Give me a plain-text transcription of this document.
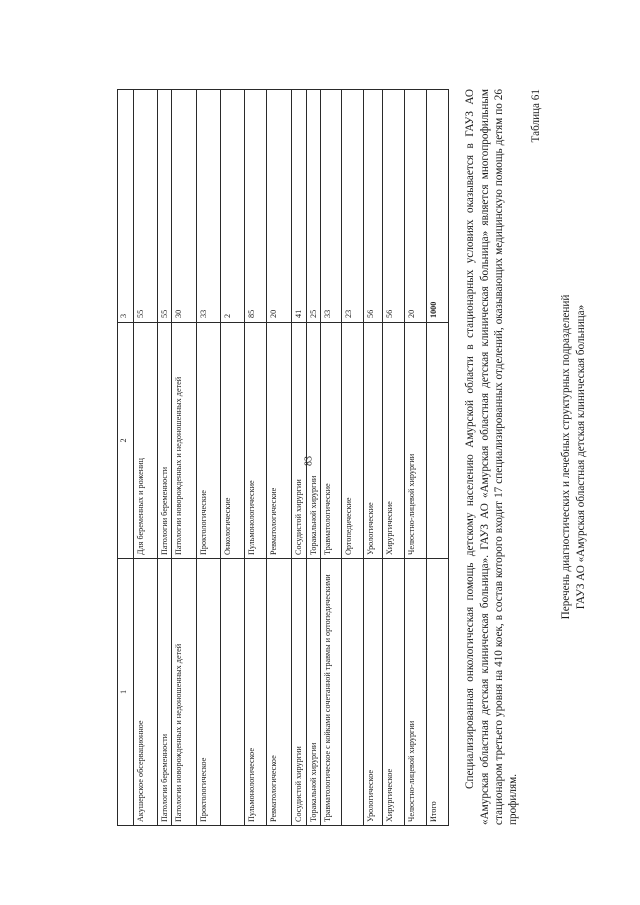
83
1	2	3
Акушерское обсервационное	Для беременных и рожениц	55
Патологии беременности	Патологии беременности	55
Патологии новорожденных и недоношенных детей	Патологии новорожденных и недоношенных детей	30
Проктологическое	Проктологические	33
	Онкологические	2
Пульмонологическое	Пульмонологические	85
Ревматологическое	Ревматологические	20
Сосудистой хирургии	Сосудистой хирургии	41
Торакальной хирургии	Торакальной хирургии	25
Травматологическое с койками сочетанной травмы и ортопедическими	Травматологические	33
	Ортопедические	23
Урологическое	Урологические	56
Хирургическое	Хирургические	56
Челюстно-лицевой хирургии	Челюстно-лицевой хирургии	20
Итого		1000 Специализированная онкологическая помощь детскому населению Амурской области в стационарных условиях оказывается в ГАУЗ АО «Амурская областная детская клиническая больница». ГАУЗ АО «Амурская областная детская клиническая больница» является многопрофильным стационаром третьего уровня на 410 коек, в состав которого входит 17 специализированных отделений, оказывающих медицинскую помощь детям по 26 профилям.

Таблица 61
Перечень диагностических и лечебных структурных подразделений ГАУЗ АО «Амурская областная детская клиническая больница»
